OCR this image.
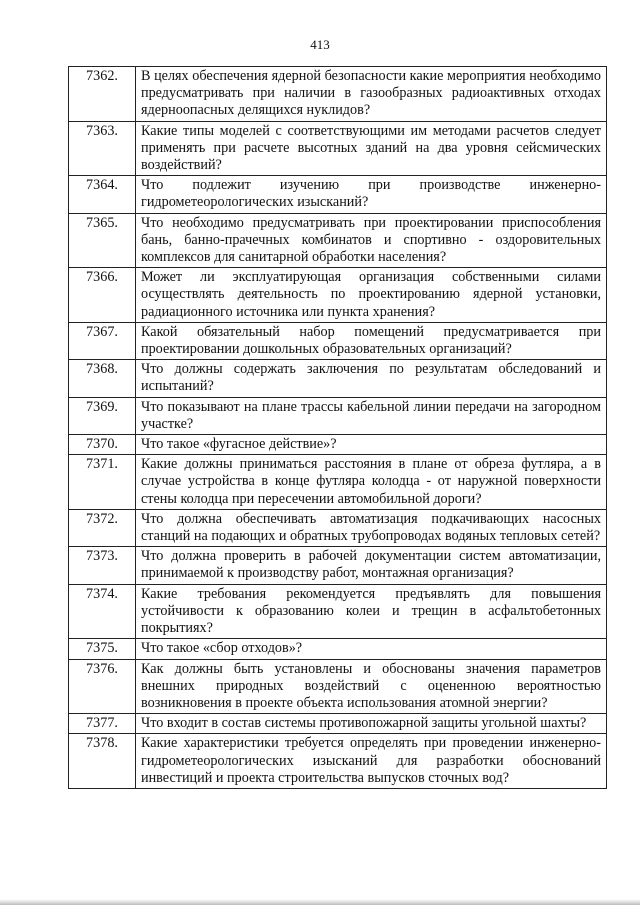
413
7362.	В целях обеспечения ядерной безопасности какие мероприятия необходимо предусматривать при наличии в газообразных радиоактивных отходах ядерноопасных делящихся нуклидов?
7363.	Какие типы моделей с соответствующими им методами расчетов следует применять при расчете высотных зданий на два уровня сейсмических воздействий?
7364.	Что подлежит изучению при производстве инженерно-гидрометеорологических изысканий?
7365.	Что необходимо предусматривать при проектировании приспособления бань, банно-прачечных комбинатов и спортивно - оздоровительных комплексов для санитарной обработки населения?
7366.	Может ли эксплуатирующая организация собственными силами осуществлять деятельность по проектированию ядерной установки, радиационного источника или пункта хранения?
7367.	Какой обязательный набор помещений предусматривается при проектировании дошкольных образовательных организаций?
7368.	Что должны содержать заключения по результатам обследований и испытаний?
7369.	Что показывают на плане трассы кабельной линии передачи на загородном участке?
7370.	Что такое «фугасное действие»?
7371.	Какие должны приниматься расстояния в плане от обреза футляра, а в случае устройства в конце футляра колодца - от наружной поверхности стены колодца при пересечении автомобильной дороги?
7372.	Что должна обеспечивать автоматизация подкачивающих насосных станций на подающих и обратных трубопроводах водяных тепловых сетей?
7373.	Что должна проверить в рабочей документации систем автоматизации, принимаемой к производству работ, монтажная организация?
7374.	Какие требования рекомендуется предъявлять для повышения устойчивости к образованию колеи и трещин в асфальтобетонных покрытиях?
7375.	Что такое «сбор отходов»?
7376.	Как должны быть установлены и обоснованы значения параметров внешних природных воздействий с оцененною вероятностью возникновения в проекте объекта использования атомной энергии?
7377.	Что входит в состав системы противопожарной защиты угольной шахты?
7378.	Какие характеристики требуется определять при проведении инженерно-гидрометеорологических изысканий для разработки обоснований инвестиций и проекта строительства выпусков сточных вод?
